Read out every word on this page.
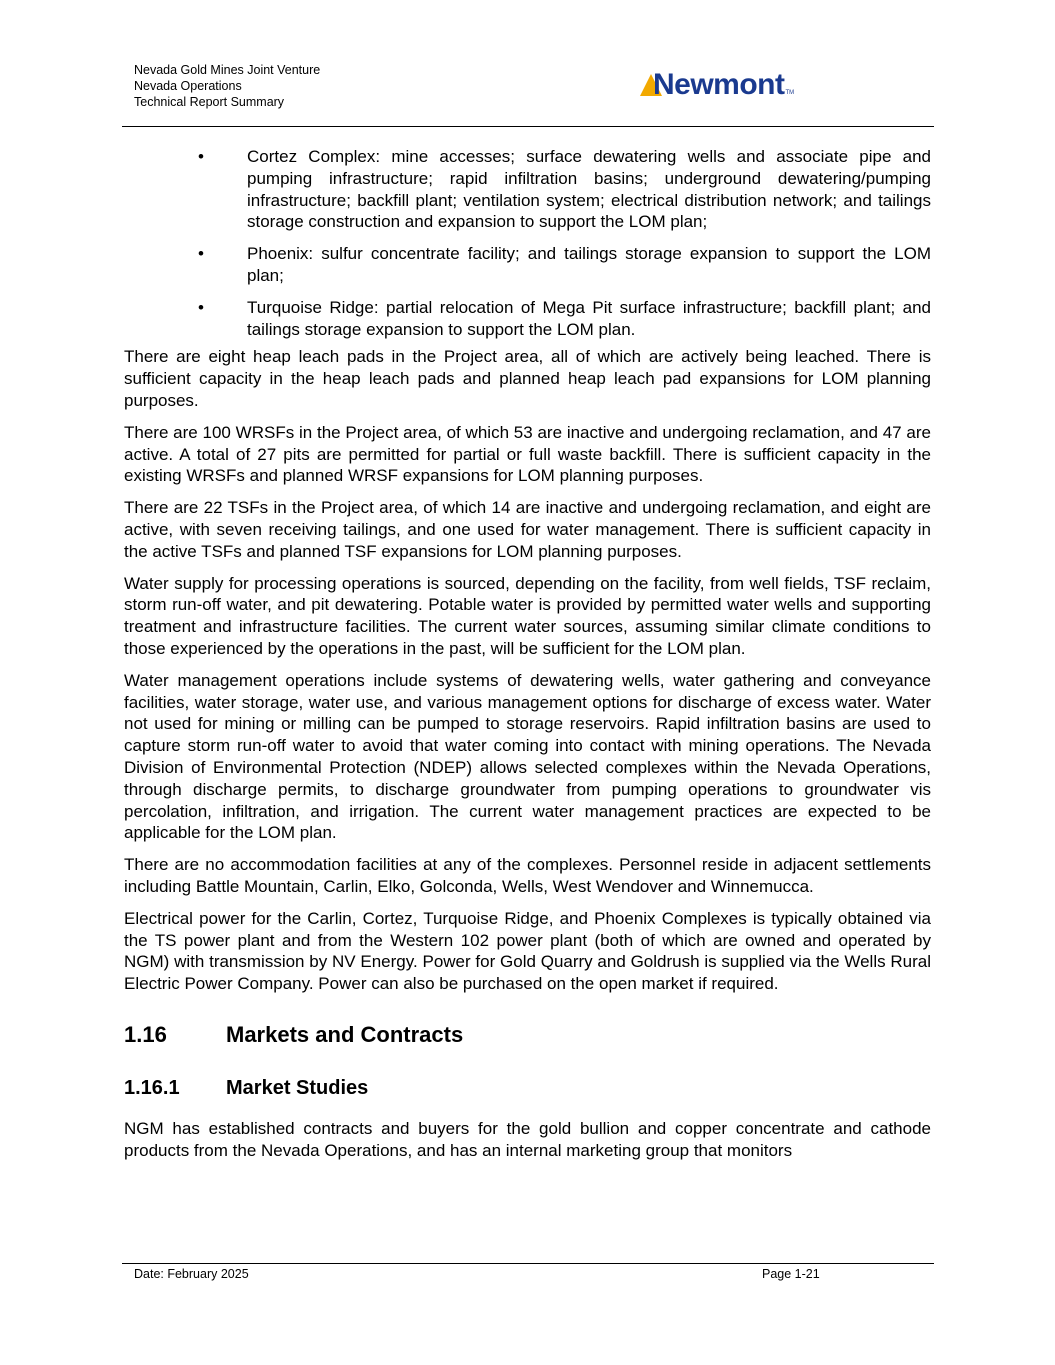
Nevada Gold Mines Joint Venture
Nevada Operations
Technical Report Summary
Newmont TM
•	Cortez Complex: mine accesses; surface dewatering wells and associate pipe and pumping infrastructure; rapid infiltration basins; underground dewatering/pumping infrastructure; backfill plant; ventilation system; electrical distribution network; and tailings storage construction and expansion to support the LOM plan;
•	Phoenix: sulfur concentrate facility; and tailings storage expansion to support the LOM plan;
•	Turquoise Ridge: partial relocation of Mega Pit surface infrastructure; backfill plant; and tailings storage expansion to support the LOM plan.

There are eight heap leach pads in the Project area, all of which are actively being leached. There is sufficient capacity in the heap leach pads and planned heap leach pad expansions for LOM planning purposes.

There are 100 WRSFs in the Project area, of which 53 are inactive and undergoing reclamation, and 47 are active. A total of 27 pits are permitted for partial or full waste backfill. There is sufficient capacity in the existing WRSFs and planned WRSF expansions for LOM planning purposes.

There are 22 TSFs in the Project area, of which 14 are inactive and undergoing reclamation, and eight are active, with seven receiving tailings, and one used for water management. There is sufficient capacity in the active TSFs and planned TSF expansions for LOM planning purposes.

Water supply for processing operations is sourced, depending on the facility, from well fields, TSF reclaim, storm run-off water, and pit dewatering. Potable water is provided by permitted water wells and supporting treatment and infrastructure facilities. The current water sources, assuming similar climate conditions to those experienced by the operations in the past, will be sufficient for the LOM plan.

Water management operations include systems of dewatering wells, water gathering and conveyance facilities, water storage, water use, and various management options for discharge of excess water. Water not used for mining or milling can be pumped to storage reservoirs. Rapid infiltration basins are used to capture storm run-off water to avoid that water coming into contact with mining operations. The Nevada Division of Environmental Protection (NDEP) allows selected complexes within the Nevada Operations, through discharge permits, to discharge groundwater from pumping operations to groundwater vis percolation, infiltration, and irrigation. The current water management practices are expected to be applicable for the LOM plan.

There are no accommodation facilities at any of the complexes. Personnel reside in adjacent settlements including Battle Mountain, Carlin, Elko, Golconda, Wells, West Wendover and Winnemucca.

Electrical power for the Carlin, Cortez, Turquoise Ridge, and Phoenix Complexes is typically obtained via the TS power plant and from the Western 102 power plant (both of which are owned and operated by NGM) with transmission by NV Energy. Power for Gold Quarry and Goldrush is supplied via the Wells Rural Electric Power Company. Power can also be purchased on the open market if required.

1.16	Markets and Contracts
1.16.1	Market Studies

NGM has established contracts and buyers for the gold bullion and copper concentrate and cathode products from the Nevada Operations, and has an internal marketing group that monitors

Date: February 2025	Page 1-21
